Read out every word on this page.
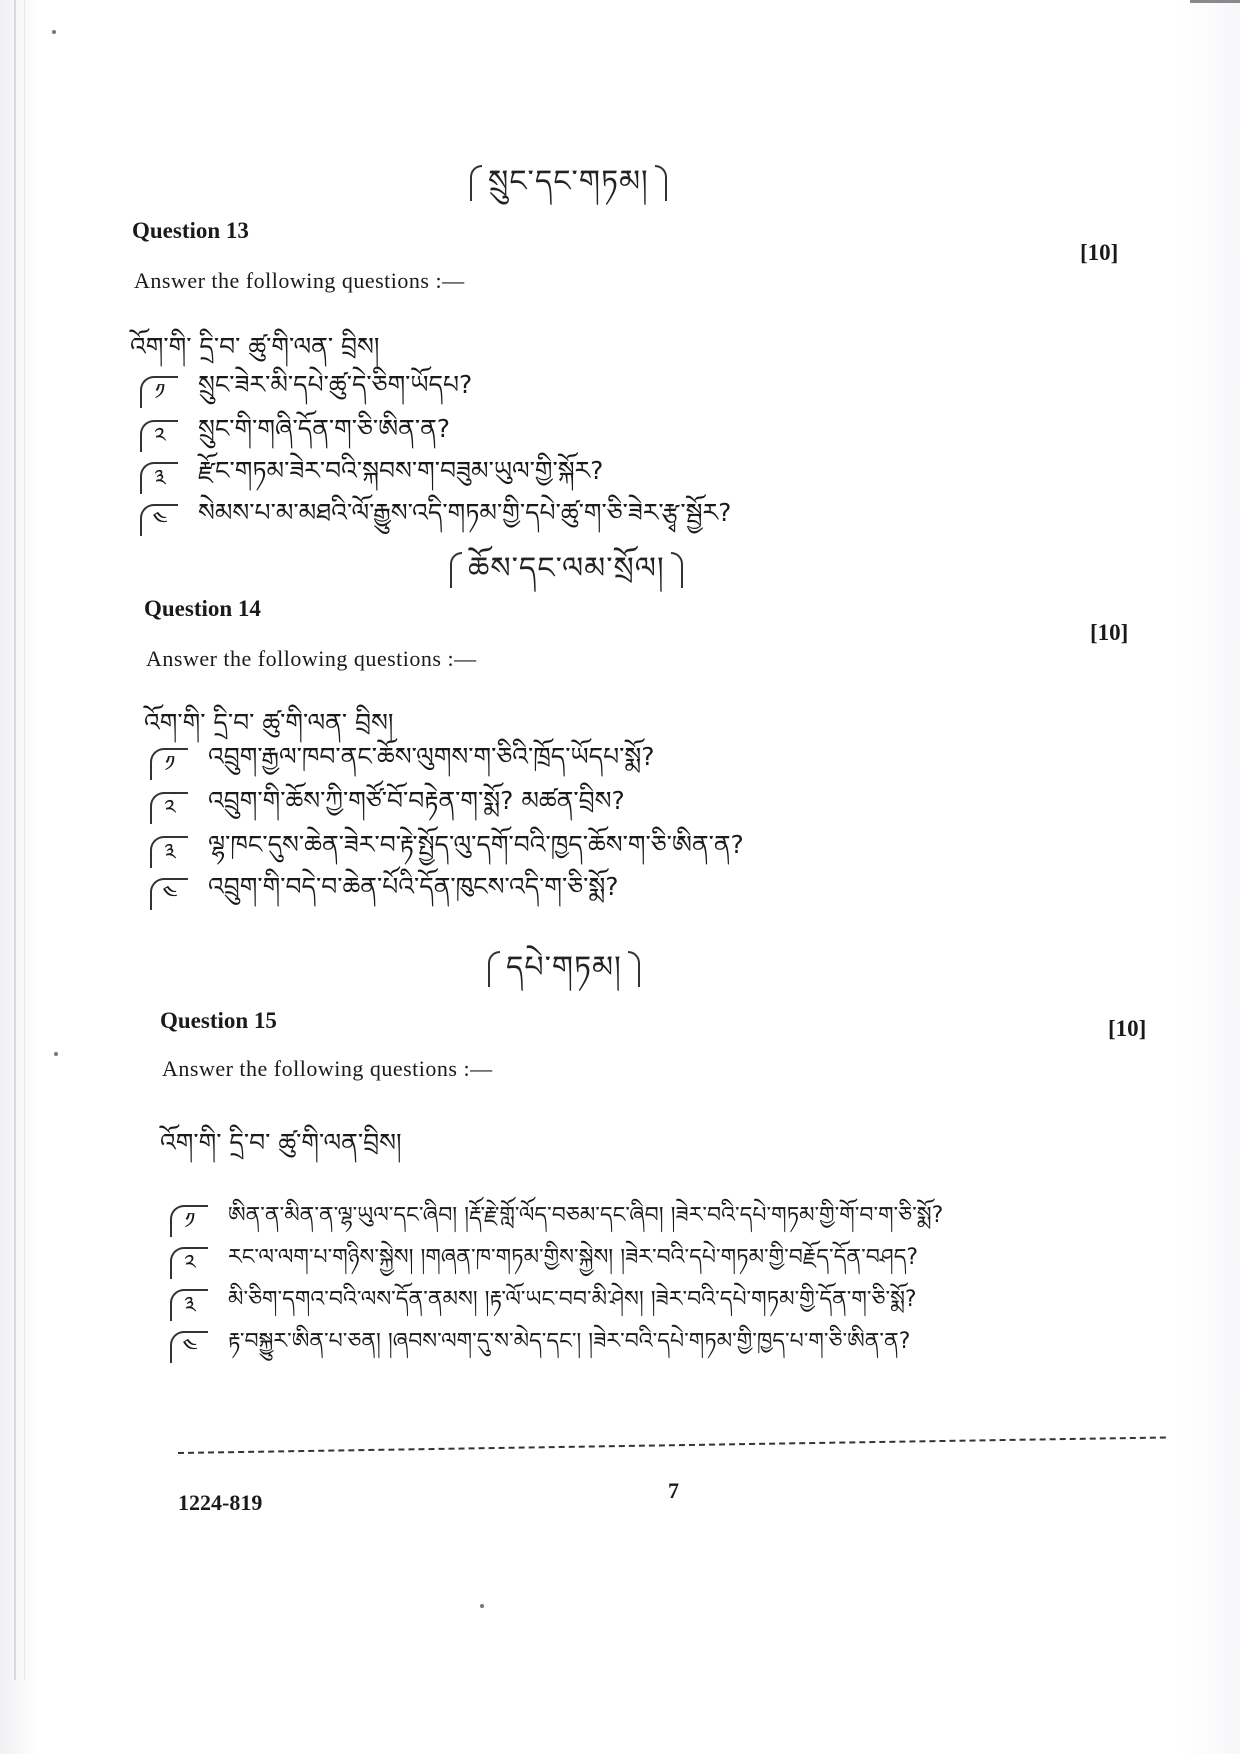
སྲུང་དང་གཏམ།
Question 13
[10]
Answer the following questions :—
འོག་གི་ དྲི་བ་ ཚུ་གི་ལན་ བྲིས།
༡	སྲུང་ཟེར་མི་དཔེ་ཚུ་དེ་ཅིག་ཡོདཔ?
༢	སྲུང་གི་གཞི་དོན་ག་ཅི་ཨིན་ན?
༣	རྫོང་གཏམ་ཟེར་བའི་སྐབས་ག་བཟུམ་ཡུལ་གྱི་སྐོར?
༤	སེམས་པ་མ་མཐའི་ལོ་རྒྱུས་འདི་གཏམ་གྱི་དཔེ་ཚུ་ག་ཅི་ཟེར་རྩྭ་སྦྱོར?
ཆོས་དང་ལམ་སྲོལ།
Question 14
[10]
Answer the following questions :—
འོག་གི་ དྲི་བ་ ཚུ་གི་ལན་ བྲིས།
༡	འབྲུག་རྒྱལ་ཁབ་ནང་ཆོས་ལུགས་ག་ཅིའི་ཁྲོད་ཡོདཔ་སྨོ?
༢	འབྲུག་གི་ཆོས་ཀྱི་གཙོ་བོ་བརྟེན་ག་སྨོ? མཚན་བྲིས?
༣	ལྷ་ཁང་དུས་ཆེན་ཟེར་བ་རྟེ་སྤྱོད་ལུ་དགོ་བའི་ཁྱད་ཆོས་ག་ཅི་ཨིན་ན?
༤	འབྲུག་གི་བདེ་བ་ཆེན་པོའི་དོན་ཁུངས་འདི་ག་ཅི་སྨོ?
དཔེ་གཏམ།
Question 15	[10]
Answer the following questions :—
འོག་གི་ དྲི་བ་ ཚུ་གི་ལན་བྲིས།
༡	ཨིན་ན་མིན་ན་ལྷ་ཡུལ་དང་ཞིབ། །རྡོ་རྗེ་གློ་ལོད་བཅམ་དང་ཞིབ། །ཟེར་བའི་དཔེ་གཏམ་གྱི་གོ་བ་ག་ཅི་སྨོ?
༢	རང་ལ་ལག་པ་གཉིས་སྐྱེས། །གཞན་ཁ་གཏམ་གྱིས་སྐྱེས། །ཟེར་བའི་དཔེ་གཏམ་གྱི་བརྗོད་དོན་བཤད?
༣	མི་ཅིག་དགའ་བའི་ལས་དོན་ནམས། །རྟ་ལོ་ཡང་བབ་མི་ཤེས། །ཟེར་བའི་དཔེ་གཏམ་གྱི་དོན་ག་ཅི་སྨོ?
༤	རྟ་བསྐྱུར་ཨིན་པ་ཅན། །ཞབས་ལག་དུ་ས་མེད་དང་། །ཟེར་བའི་དཔེ་གཏམ་གྱི་ཁྱད་པ་ག་ཅི་ཨིན་ན?
1224-819	7
